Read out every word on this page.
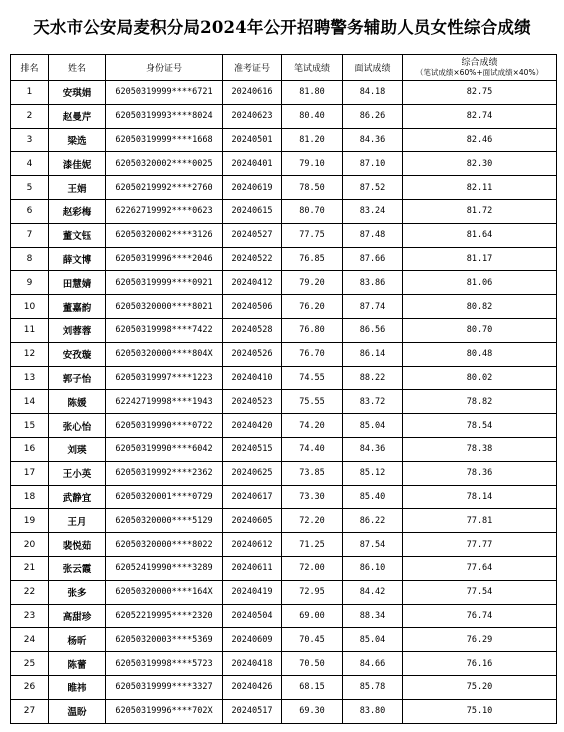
天水市公安局麦积分局2024年公开招聘警务辅助人员女性综合成绩
排名	姓名	身份证号	准考证号	笔试成绩	面试成绩	综合成绩
（笔试成绩×60%+面试成绩×40%）

1	安琪娟	62050319999****6721	20240616	81.80	84.18	82.75
2	赵曼芹	62050319993****8024	20240623	80.40	86.26	82.74
3	梁选	62050319999****1668	20240501	81.20	84.36	82.46
4	漆佳妮	62050320002****0025	20240401	79.10	87.10	82.30
5	王娟	62050219992****2760	20240619	78.50	87.52	82.11
6	赵彩梅	62262719992****0623	20240615	80.70	83.24	81.72
7	董文钰	62050320002****3126	20240527	77.75	87.48	81.64
8	薛文博	62050319996****2046	20240522	76.85	87.66	81.17
9	田慧婧	62050319999****0921	20240412	79.20	83.86	81.06
10	董嘉韵	62050320000****8021	20240506	76.20	87.74	80.82
11	刘蓉蓉	62050319998****7422	20240528	76.80	86.56	80.70
12	安孜璇	62050320000****804X	20240526	76.70	86.14	80.48
13	郭子怡	62050319997****1223	20240410	74.55	88.22	80.02
14	陈媛	62242719998****1943	20240523	75.55	83.72	78.82
15	张心怡	62050319990****0722	20240420	74.20	85.04	78.54
16	刘瑛	62050319990****6042	20240515	74.40	84.36	78.38
17	王小英	62050319992****2362	20240625	73.85	85.12	78.36
18	武静宜	62050320001****0729	20240617	73.30	85.40	78.14
19	王月	62050320000****5129	20240605	72.20	86.22	77.81
20	裴悦茹	62050320000****8022	20240612	71.25	87.54	77.77
21	张云霞	62052419990****3289	20240611	72.00	86.10	77.64
22	张多	62050320000****164X	20240419	72.95	84.42	77.54
23	高甜珍	62052219995****2320	20240504	69.00	88.34	76.74
24	杨昕	62050320003****5369	20240609	70.45	85.04	76.29
25	陈蕾	62050319998****5723	20240418	70.50	84.66	76.16
26	睢祎	62050319999****3327	20240426	68.15	85.78	75.20
27	温盼	62050319996****702X	20240517	69.30	83.80	75.10
